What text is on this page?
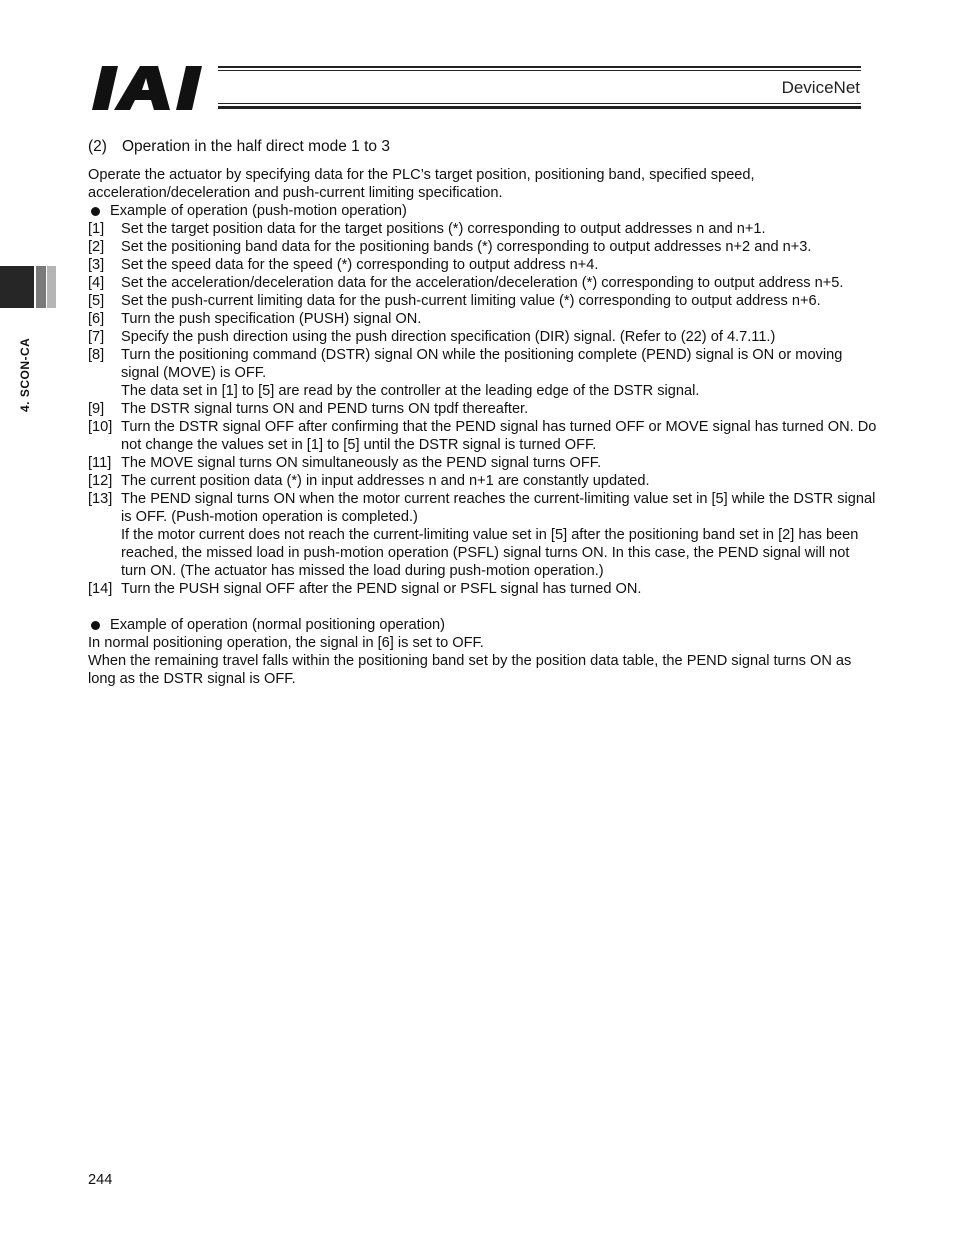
DeviceNet
4. SCON-CA
(2) Operation in the half direct mode 1 to 3

Operate the actuator by specifying data for the PLC’s target position, positioning band, specified speed, acceleration/deceleration and push-current limiting specification.

Example of operation (push-motion operation)
[1] Set the target position data for the target positions (*) corresponding to output addresses n and n+1.
[2] Set the positioning band data for the positioning bands (*) corresponding to output addresses n+2 and n+3.
[3] Set the speed data for the speed (*) corresponding to output address n+4.
[4] Set the acceleration/deceleration data for the acceleration/deceleration (*) corresponding to output address n+5.
[5] Set the push-current limiting data for the push-current limiting value (*) corresponding to output address n+6.
[6] Turn the push specification (PUSH) signal ON.
[7] Specify the push direction using the push direction specification (DIR) signal. (Refer to (22) of 4.7.11.)
[8] Turn the positioning command (DSTR) signal ON while the positioning complete (PEND) signal is ON or moving signal (MOVE) is OFF.
The data set in [1] to [5] are read by the controller at the leading edge of the DSTR signal.
[9] The DSTR signal turns ON and PEND turns ON tpdf thereafter.
[10] Turn the DSTR signal OFF after confirming that the PEND signal has turned OFF or MOVE signal has turned ON. Do not change the values set in [1] to [5] until the DSTR signal is turned OFF.
[11] The MOVE signal turns ON simultaneously as the PEND signal turns OFF.
[12] The current position data (*) in input addresses n and n+1 are constantly updated.
[13] The PEND signal turns ON when the motor current reaches the current-limiting value set in [5] while the DSTR signal is OFF. (Push-motion operation is completed.)
If the motor current does not reach the current-limiting value set in [5] after the positioning band set in [2] has been reached, the missed load in push-motion operation (PSFL) signal turns ON. In this case, the PEND signal will not turn ON. (The actuator has missed the load during push-motion operation.)
[14] Turn the PUSH signal OFF after the PEND signal or PSFL signal has turned ON.
Example of operation (normal positioning operation)

In normal positioning operation, the signal in [6] is set to OFF.

When the remaining travel falls within the positioning band set by the position data table, the PEND signal turns ON as long as the DSTR signal is OFF.

244
